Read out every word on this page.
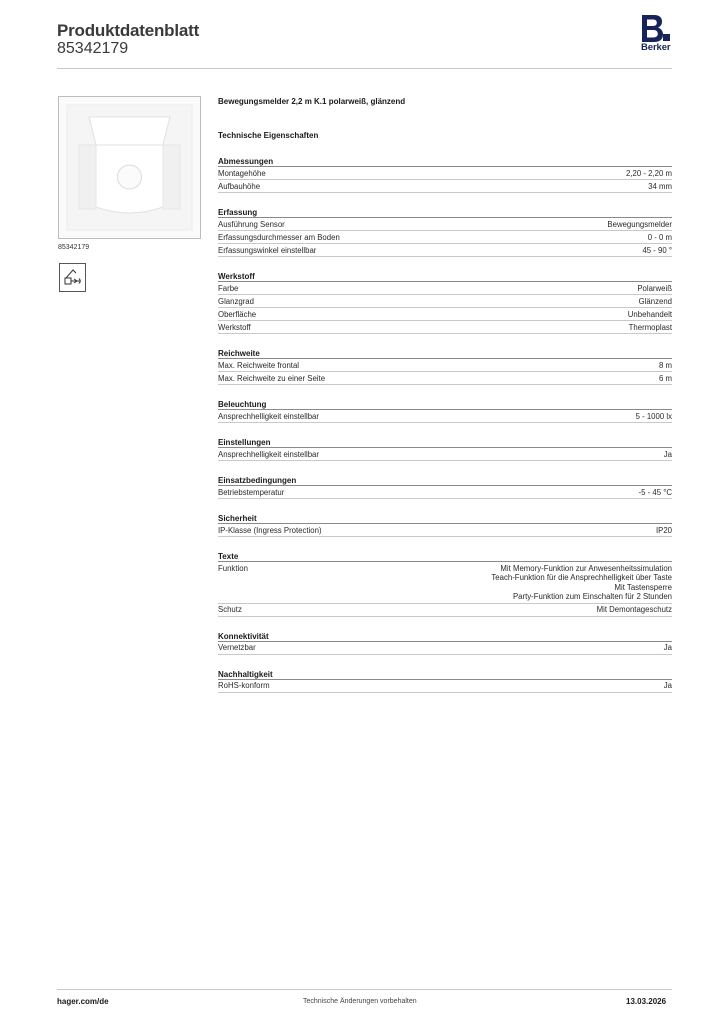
Produktdatenblatt
85342179	Berker
85342179
Bewegungsmelder 2,2 m K.1 polarweiß, glänzend
Technische Eigenschaften
Abmessungen
Montagehöhe	2,20 - 2,20 m
Aufbauhöhe	34 mm
Erfassung
Ausführung Sensor	Bewegungsmelder
Erfassungsdurchmesser am Boden	0 - 0 m
Erfassungswinkel einstellbar	45 - 90 °
Werkstoff
Farbe	Polarweiß
Glanzgrad	Glänzend
Oberfläche	Unbehandelt
Werkstoff	Thermoplast
Reichweite
Max. Reichweite frontal	8 m
Max. Reichweite zu einer Seite	6 m
Beleuchtung
Ansprechhelligkeit einstellbar	5 - 1000 lx
Einstellungen
Ansprechhelligkeit einstellbar	Ja
Einsatzbedingungen
Betriebstemperatur	-5 - 45 °C
Sicherheit
IP-Klasse (Ingress Protection)	IP20
Texte
Funktion	Mit Memory-Funktion zur Anwesenheitssimulation
Teach-Funktion für die Ansprechhelligkeit über Taste
Mit Tastensperre
Party-Funktion zum Einschalten für 2 Stunden
Schutz	Mit Demontageschutz
Konnektivität
Vernetzbar	Ja
Nachhaltigkeit
RoHS-konform	Ja
hager.com/de	Technische Änderungen vorbehalten	13.03.2026
